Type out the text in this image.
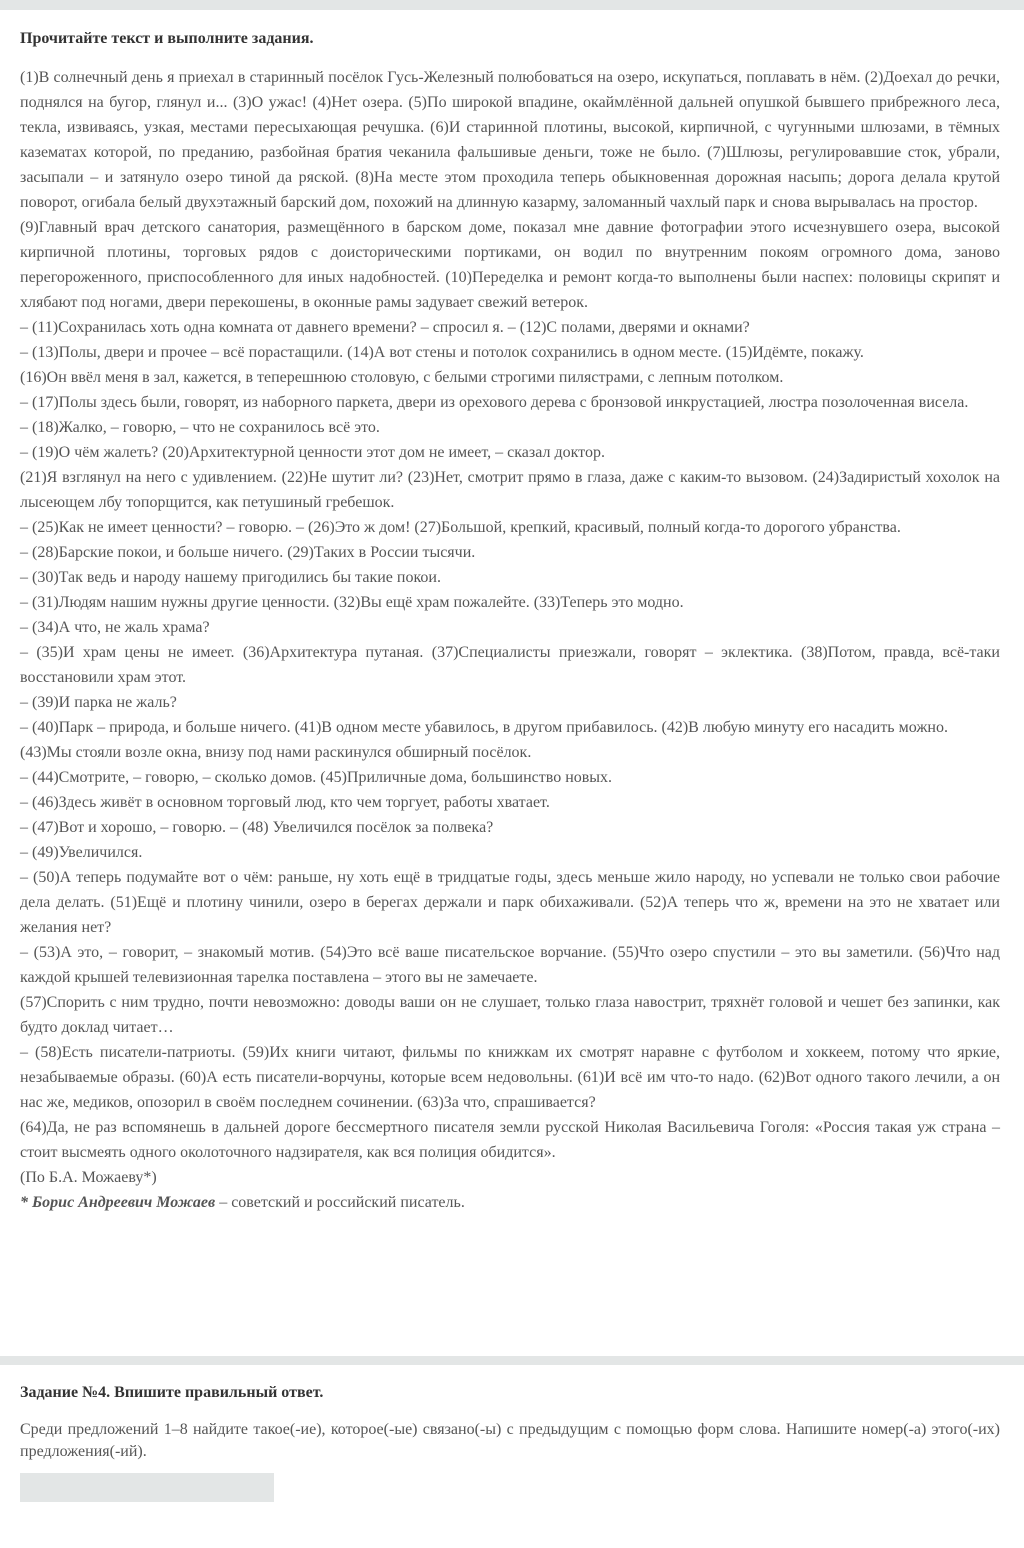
Прочитайте текст и выполните задания.

(1)В солнечный день я приехал в старинный посёлок Гусь-Железный полюбоваться на озеро, искупаться, поплавать в нём. (2)Доехал до речки, поднялся на бугор, глянул и... (3)О ужас! (4)Нет озера. (5)По широкой впадине, окаймлённой дальней опушкой бывшего прибрежного леса, текла, извиваясь, узкая, местами пересыхающая речушка. (6)И старинной плотины, высокой, кирпичной, с чугунными шлюзами, в тёмных казематах которой, по преданию, разбойная братия чеканила фальшивые деньги, тоже не было. (7)Шлюзы, регулировавшие сток, убрали, засыпали – и затянуло озеро тиной да ряской. (8)На месте этом проходила теперь обыкновенная дорожная насыпь; дорога делала крутой поворот, огибала белый двухэтажный барский дом, похожий на длинную казарму, заломанный чахлый парк и снова вырывалась на простор.

(9)Главный врач детского санатория, размещённого в барском доме, показал мне давние фотографии этого исчезнувшего озера, высокой кирпичной плотины, торговых рядов с доисторическими портиками, он водил по внутренним покоям огромного дома, заново перегороженного, приспособленного для иных надобностей. (10)Переделка и ремонт когда-то выполнены были наспех: половицы скрипят и хлябают под ногами, двери перекошены, в оконные рамы задувает свежий ветерок.

– (11)Сохранилась хоть одна комната от давнего времени? – спросил я. – (12)С полами, дверями и окнами?

– (13)Полы, двери и прочее – всё порастащили. (14)А вот стены и потолок сохранились в одном месте. (15)Идёмте, покажу.

(16)Он ввёл меня в зал, кажется, в теперешнюю столовую, с белыми строгими пилястрами, с лепным потолком.

– (17)Полы здесь были, говорят, из наборного паркета, двери из орехового дерева с бронзовой инкрустацией, люстра позолоченная висела.

– (18)Жалко, – говорю, – что не сохранилось всё это.

– (19)О чём жалеть? (20)Архитектурной ценности этот дом не имеет, – сказал доктор.

(21)Я взглянул на него с удивлением. (22)Не шутит ли? (23)Нет, смотрит прямо в глаза, даже с каким-то вызовом. (24)Задиристый хохолок на лысеющем лбу топорщится, как петушиный гребешок.

– (25)Как не имеет ценности? – говорю. – (26)Это ж дом! (27)Большой, крепкий, красивый, полный когда-то дорогого убранства.

– (28)Барские покои, и больше ничего. (29)Таких в России тысячи.

– (30)Так ведь и народу нашему пригодились бы такие покои.

– (31)Людям нашим нужны другие ценности. (32)Вы ещё храм пожалейте. (33)Теперь это модно.

– (34)А что, не жаль храма?

– (35)И храм цены не имеет. (36)Архитектура путаная. (37)Специалисты приезжали, говорят – эклектика. (38)Потом, правда, всё-таки восстановили храм этот.

– (39)И парка не жаль?

– (40)Парк – природа, и больше ничего. (41)В одном месте убавилось, в другом прибавилось. (42)В любую минуту его насадить можно.

(43)Мы стояли возле окна, внизу под нами раскинулся обширный посёлок.

– (44)Смотрите, – говорю, – сколько домов. (45)Приличные дома, большинство новых.

– (46)Здесь живёт в основном торговый люд, кто чем торгует, работы хватает.

– (47)Вот и хорошо, – говорю. – (48) Увеличился посёлок за полвека?

– (49)Увеличился.

– (50)А теперь подумайте вот о чём: раньше, ну хоть ещё в тридцатые годы, здесь меньше жило народу, но успевали не только свои рабочие дела делать. (51)Ещё и плотину чинили, озеро в берегах держали и парк обихаживали. (52)А теперь что ж, времени на это не хватает или желания нет?

– (53)А это, – говорит, – знакомый мотив. (54)Это всё ваше писательское ворчание. (55)Что озеро спустили – это вы заметили. (56)Что над каждой крышей телевизионная тарелка поставлена – этого вы не замечаете.

(57)Спорить с ним трудно, почти невозможно: доводы ваши он не слушает, только глаза навострит, тряхнёт головой и чешет без запинки, как будто доклад читает…

– (58)Есть писатели-патриоты. (59)Их книги читают, фильмы по книжкам их смотрят наравне с футболом и хоккеем, потому что яркие, незабываемые образы. (60)А есть писатели-ворчуны, которые всем недовольны. (61)И всё им что-то надо. (62)Вот одного такого лечили, а он нас же, медиков, опозорил в своём последнем сочинении. (63)За что, спрашивается?

(64)Да, не раз вспомянешь в дальней дороге бессмертного писателя земли русской Николая Васильевича Гоголя: «Россия такая уж страна – стоит высмеять одного околоточного надзирателя, как вся полиция обидится».

(По Б.А. Можаеву*)

* Борис Андреевич Можаев – советский и российский писатель.

Задание №4. Впишите правильный ответ.

Среди предложений 1–8 найдите такое(-ие), которое(-ые) связано(-ы) с предыдущим с помощью форм слова. Напишите номер(-а) этого(-их) предложения(-ий).
